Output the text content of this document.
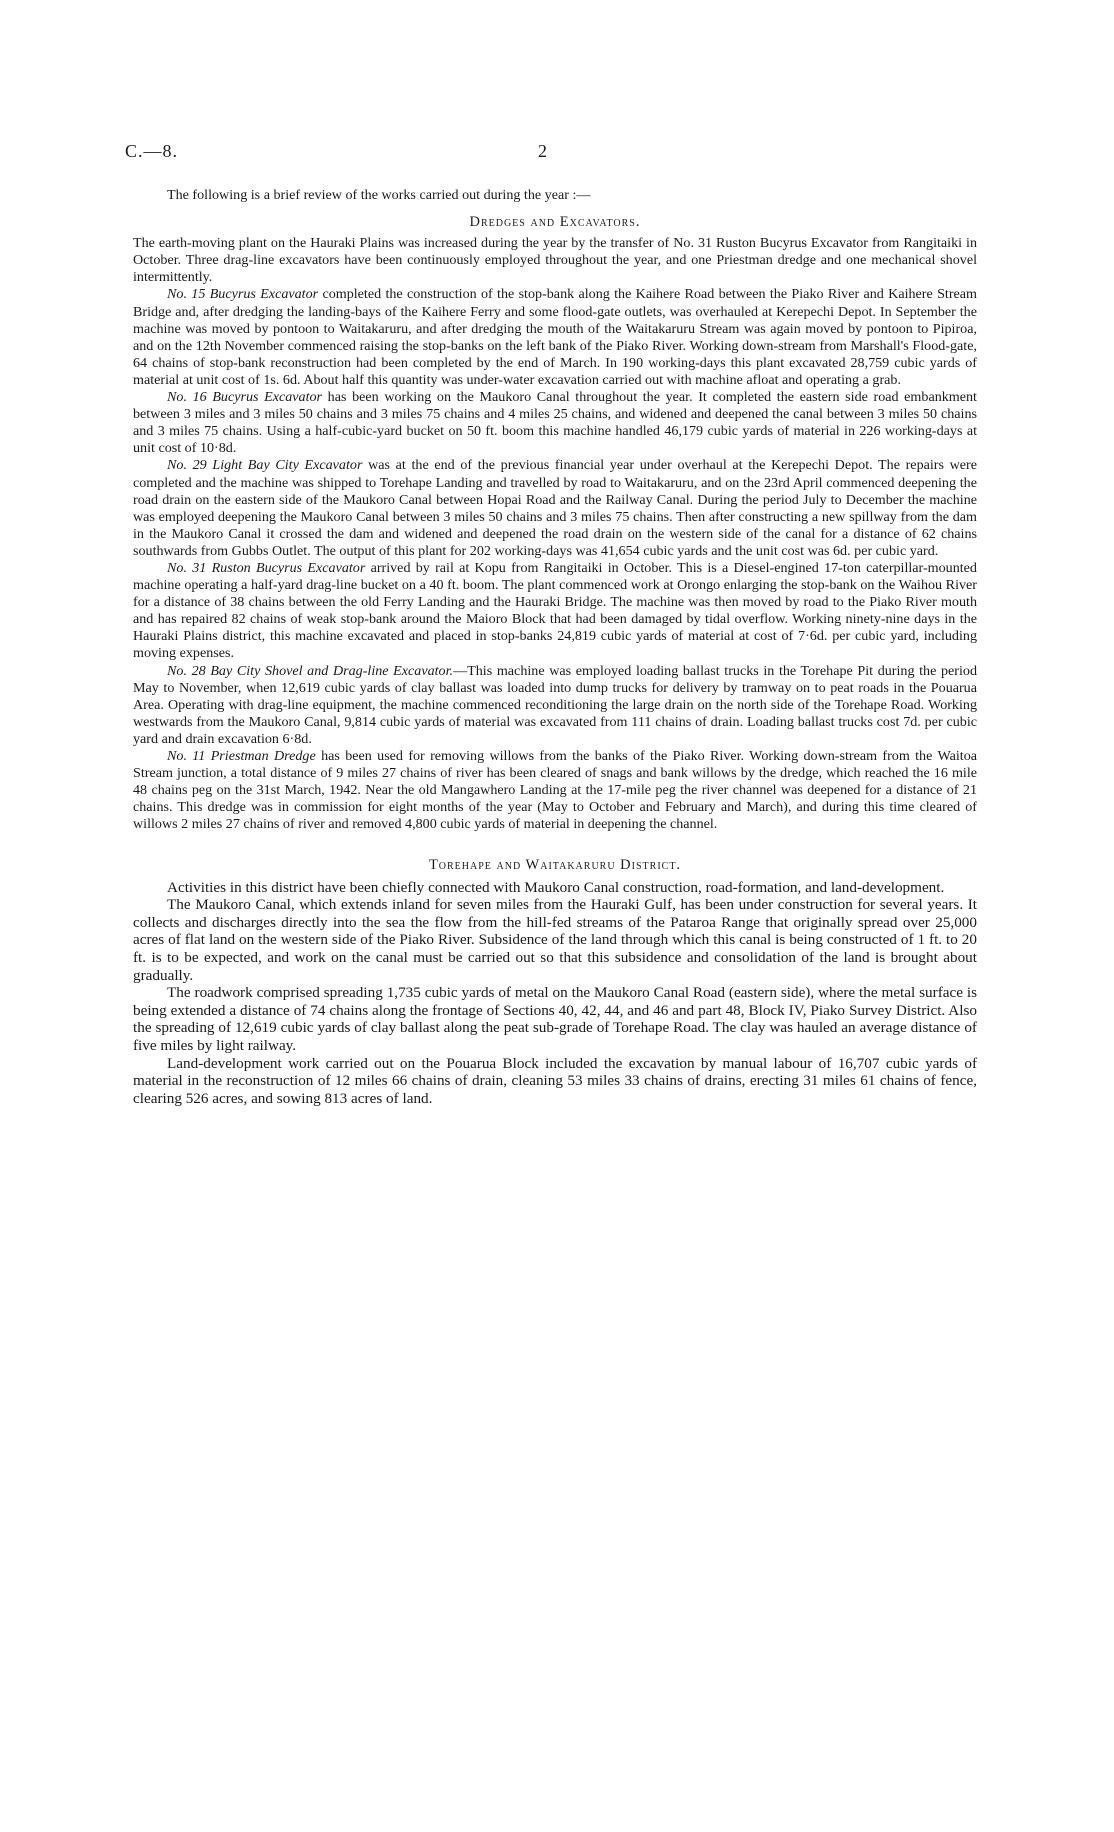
C.—8.	2

The following is a brief review of the works carried out during the year :—

Dredges and Excavators.

The earth-moving plant on the Hauraki Plains was increased during the year by the transfer of No. 31 Ruston Bucyrus Excavator from Rangitaiki in October. Three drag-line excavators have been continuously employed throughout the year, and one Priestman dredge and one mechanical shovel intermittently.

No. 15 Bucyrus Excavator completed the construction of the stop-bank along the Kaihere Road between the Piako River and Kaihere Stream Bridge and, after dredging the landing-bays of the Kaihere Ferry and some flood-gate outlets, was overhauled at Kerepechi Depot. In September the machine was moved by pontoon to Waitakaruru, and after dredging the mouth of the Waitakaruru Stream was again moved by pontoon to Pipiroa, and on the 12th November commenced raising the stop-banks on the left bank of the Piako River. Working down-stream from Marshall's Flood-gate, 64 chains of stop-bank reconstruction had been completed by the end of March. In 190 working-days this plant excavated 28,759 cubic yards of material at unit cost of 1s. 6d. About half this quantity was under-water excavation carried out with machine afloat and operating a grab.

No. 16 Bucyrus Excavator has been working on the Maukoro Canal throughout the year. It completed the eastern side road embankment between 3 miles and 3 miles 50 chains and 3 miles 75 chains and 4 miles 25 chains, and widened and deepened the canal between 3 miles 50 chains and 3 miles 75 chains. Using a half-cubic-yard bucket on 50 ft. boom this machine handled 46,179 cubic yards of material in 226 working-days at unit cost of 10·8d.

No. 29 Light Bay City Excavator was at the end of the previous financial year under overhaul at the Kerepechi Depot. The repairs were completed and the machine was shipped to Torehape Landing and travelled by road to Waitakaruru, and on the 23rd April commenced deepening the road drain on the eastern side of the Maukoro Canal between Hopai Road and the Railway Canal. During the period July to December the machine was employed deepening the Maukoro Canal between 3 miles 50 chains and 3 miles 75 chains. Then after constructing a new spillway from the dam in the Maukoro Canal it crossed the dam and widened and deepened the road drain on the western side of the canal for a distance of 62 chains southwards from Gubbs Outlet. The output of this plant for 202 working-days was 41,654 cubic yards and the unit cost was 6d. per cubic yard.

No. 31 Ruston Bucyrus Excavator arrived by rail at Kopu from Rangitaiki in October. This is a Diesel-engined 17-ton caterpillar-mounted machine operating a half-yard drag-line bucket on a 40 ft. boom. The plant commenced work at Orongo enlarging the stop-bank on the Waihou River for a distance of 38 chains between the old Ferry Landing and the Hauraki Bridge. The machine was then moved by road to the Piako River mouth and has repaired 82 chains of weak stop-bank around the Maioro Block that had been damaged by tidal overflow. Working ninety-nine days in the Hauraki Plains district, this machine excavated and placed in stop-banks 24,819 cubic yards of material at cost of 7·6d. per cubic yard, including moving expenses.

No. 28 Bay City Shovel and Drag-line Excavator.—This machine was employed loading ballast trucks in the Torehape Pit during the period May to November, when 12,619 cubic yards of clay ballast was loaded into dump trucks for delivery by tramway on to peat roads in the Pouarua Area. Operating with drag-line equipment, the machine commenced reconditioning the large drain on the north side of the Torehape Road. Working westwards from the Maukoro Canal, 9,814 cubic yards of material was excavated from 111 chains of drain. Loading ballast trucks cost 7d. per cubic yard and drain excavation 6·8d.

No. 11 Priestman Dredge has been used for removing willows from the banks of the Piako River. Working down-stream from the Waitoa Stream junction, a total distance of 9 miles 27 chains of river has been cleared of snags and bank willows by the dredge, which reached the 16 mile 48 chains peg on the 31st March, 1942. Near the old Mangawhero Landing at the 17-mile peg the river channel was deepened for a distance of 21 chains. This dredge was in commission for eight months of the year (May to October and February and March), and during this time cleared of willows 2 miles 27 chains of river and removed 4,800 cubic yards of material in deepening the channel.

Torehape and Waitakaruru District.

Activities in this district have been chiefly connected with Maukoro Canal construction, road-formation, and land-development.

The Maukoro Canal, which extends inland for seven miles from the Hauraki Gulf, has been under construction for several years. It collects and discharges directly into the sea the flow from the hill-fed streams of the Pataroa Range that originally spread over 25,000 acres of flat land on the western side of the Piako River. Subsidence of the land through which this canal is being constructed of 1 ft. to 20 ft. is to be expected, and work on the canal must be carried out so that this subsidence and consolidation of the land is brought about gradually.

The roadwork comprised spreading 1,735 cubic yards of metal on the Maukoro Canal Road (eastern side), where the metal surface is being extended a distance of 74 chains along the frontage of Sections 40, 42, 44, and 46 and part 48, Block IV, Piako Survey District. Also the spreading of 12,619 cubic yards of clay ballast along the peat sub-grade of Torehape Road. The clay was hauled an average distance of five miles by light railway.

Land-development work carried out on the Pouarua Block included the excavation by manual labour of 16,707 cubic yards of material in the reconstruction of 12 miles 66 chains of drain, cleaning 53 miles 33 chains of drains, erecting 31 miles 61 chains of fence, clearing 526 acres, and sowing 813 acres of land.
